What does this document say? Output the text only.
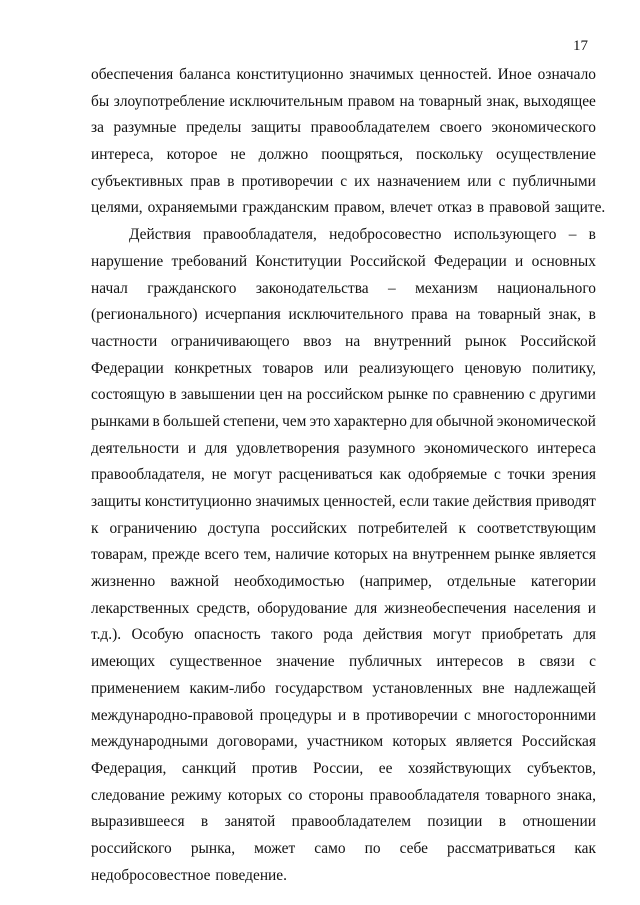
17
обеспечения баланса конституционно значимых ценностей. Иное означало
бы злоупотребление исключительным правом на товарный знак, выходящее
за разумные пределы защиты правообладателем своего экономического
интереса, которое не должно поощряться, поскольку осуществление
субъективных прав в противоречии с их назначением или с публичными
целями, охраняемыми гражданским правом, влечет отказ в правовой защите.
Действия правообладателя, недобросовестно использующего – в
нарушение требований Конституции Российской Федерации и основных
начал гражданского законодательства – механизм национального
(регионального) исчерпания исключительного права на товарный знак, в
частности ограничивающего ввоз на внутренний рынок Российской
Федерации конкретных товаров или реализующего ценовую политику,
состоящую в завышении цен на российском рынке по сравнению с другими
рынками в большей степени, чем это характерно для обычной экономической
деятельности и для удовлетворения разумного экономического интереса
правообладателя, не могут расцениваться как одобряемые с точки зрения
защиты конституционно значимых ценностей, если такие действия приводят
к ограничению доступа российских потребителей к соответствующим
товарам, прежде всего тем, наличие которых на внутреннем рынке является
жизненно важной необходимостью (например, отдельные категории
лекарственных средств, оборудование для жизнеобеспечения населения и
т.д.). Особую опасность такого рода действия могут приобретать для
имеющих существенное значение публичных интересов в связи с
применением каким-либо государством установленных вне надлежащей
международно-правовой процедуры и в противоречии с многосторонними
международными договорами, участником которых является Российская
Федерация, санкций против России, ее хозяйствующих субъектов,
следование режиму которых со стороны правообладателя товарного знака,
выразившееся в занятой правообладателем позиции в отношении
российского рынка, может само по себе рассматриваться как
недобросовестное поведение.
